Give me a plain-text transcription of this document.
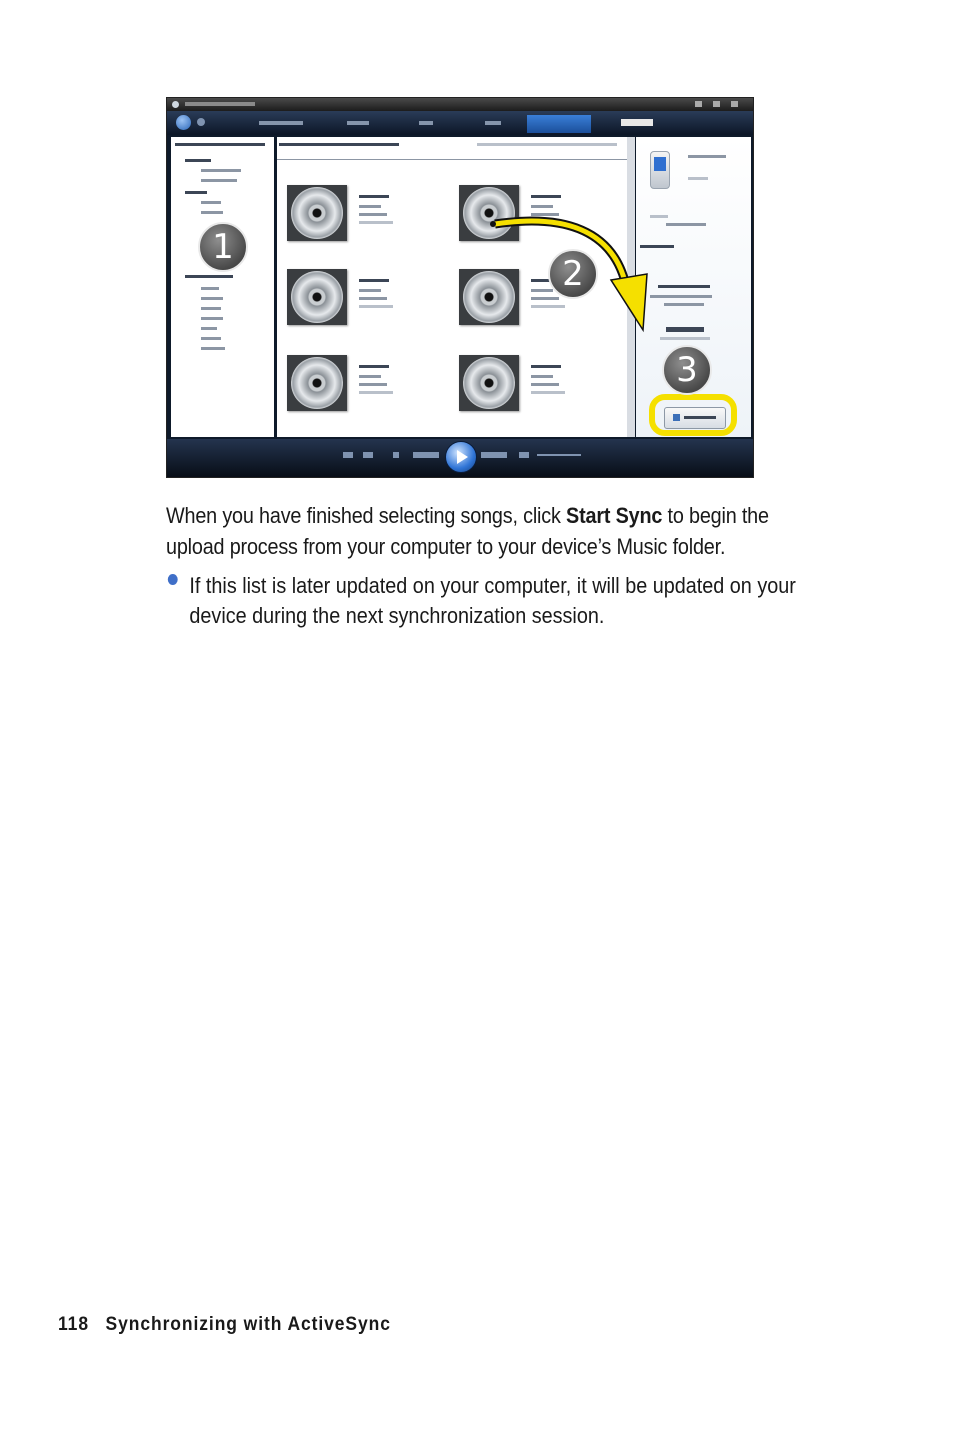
1
2
3

When you have finished selecting songs, click Start Sync to begin the upload process from your computer to your device’s Music folder.

If this list is later updated on your computer, it will be updated on your device during the next synchronization session.

118 Synchronizing with ActiveSync
